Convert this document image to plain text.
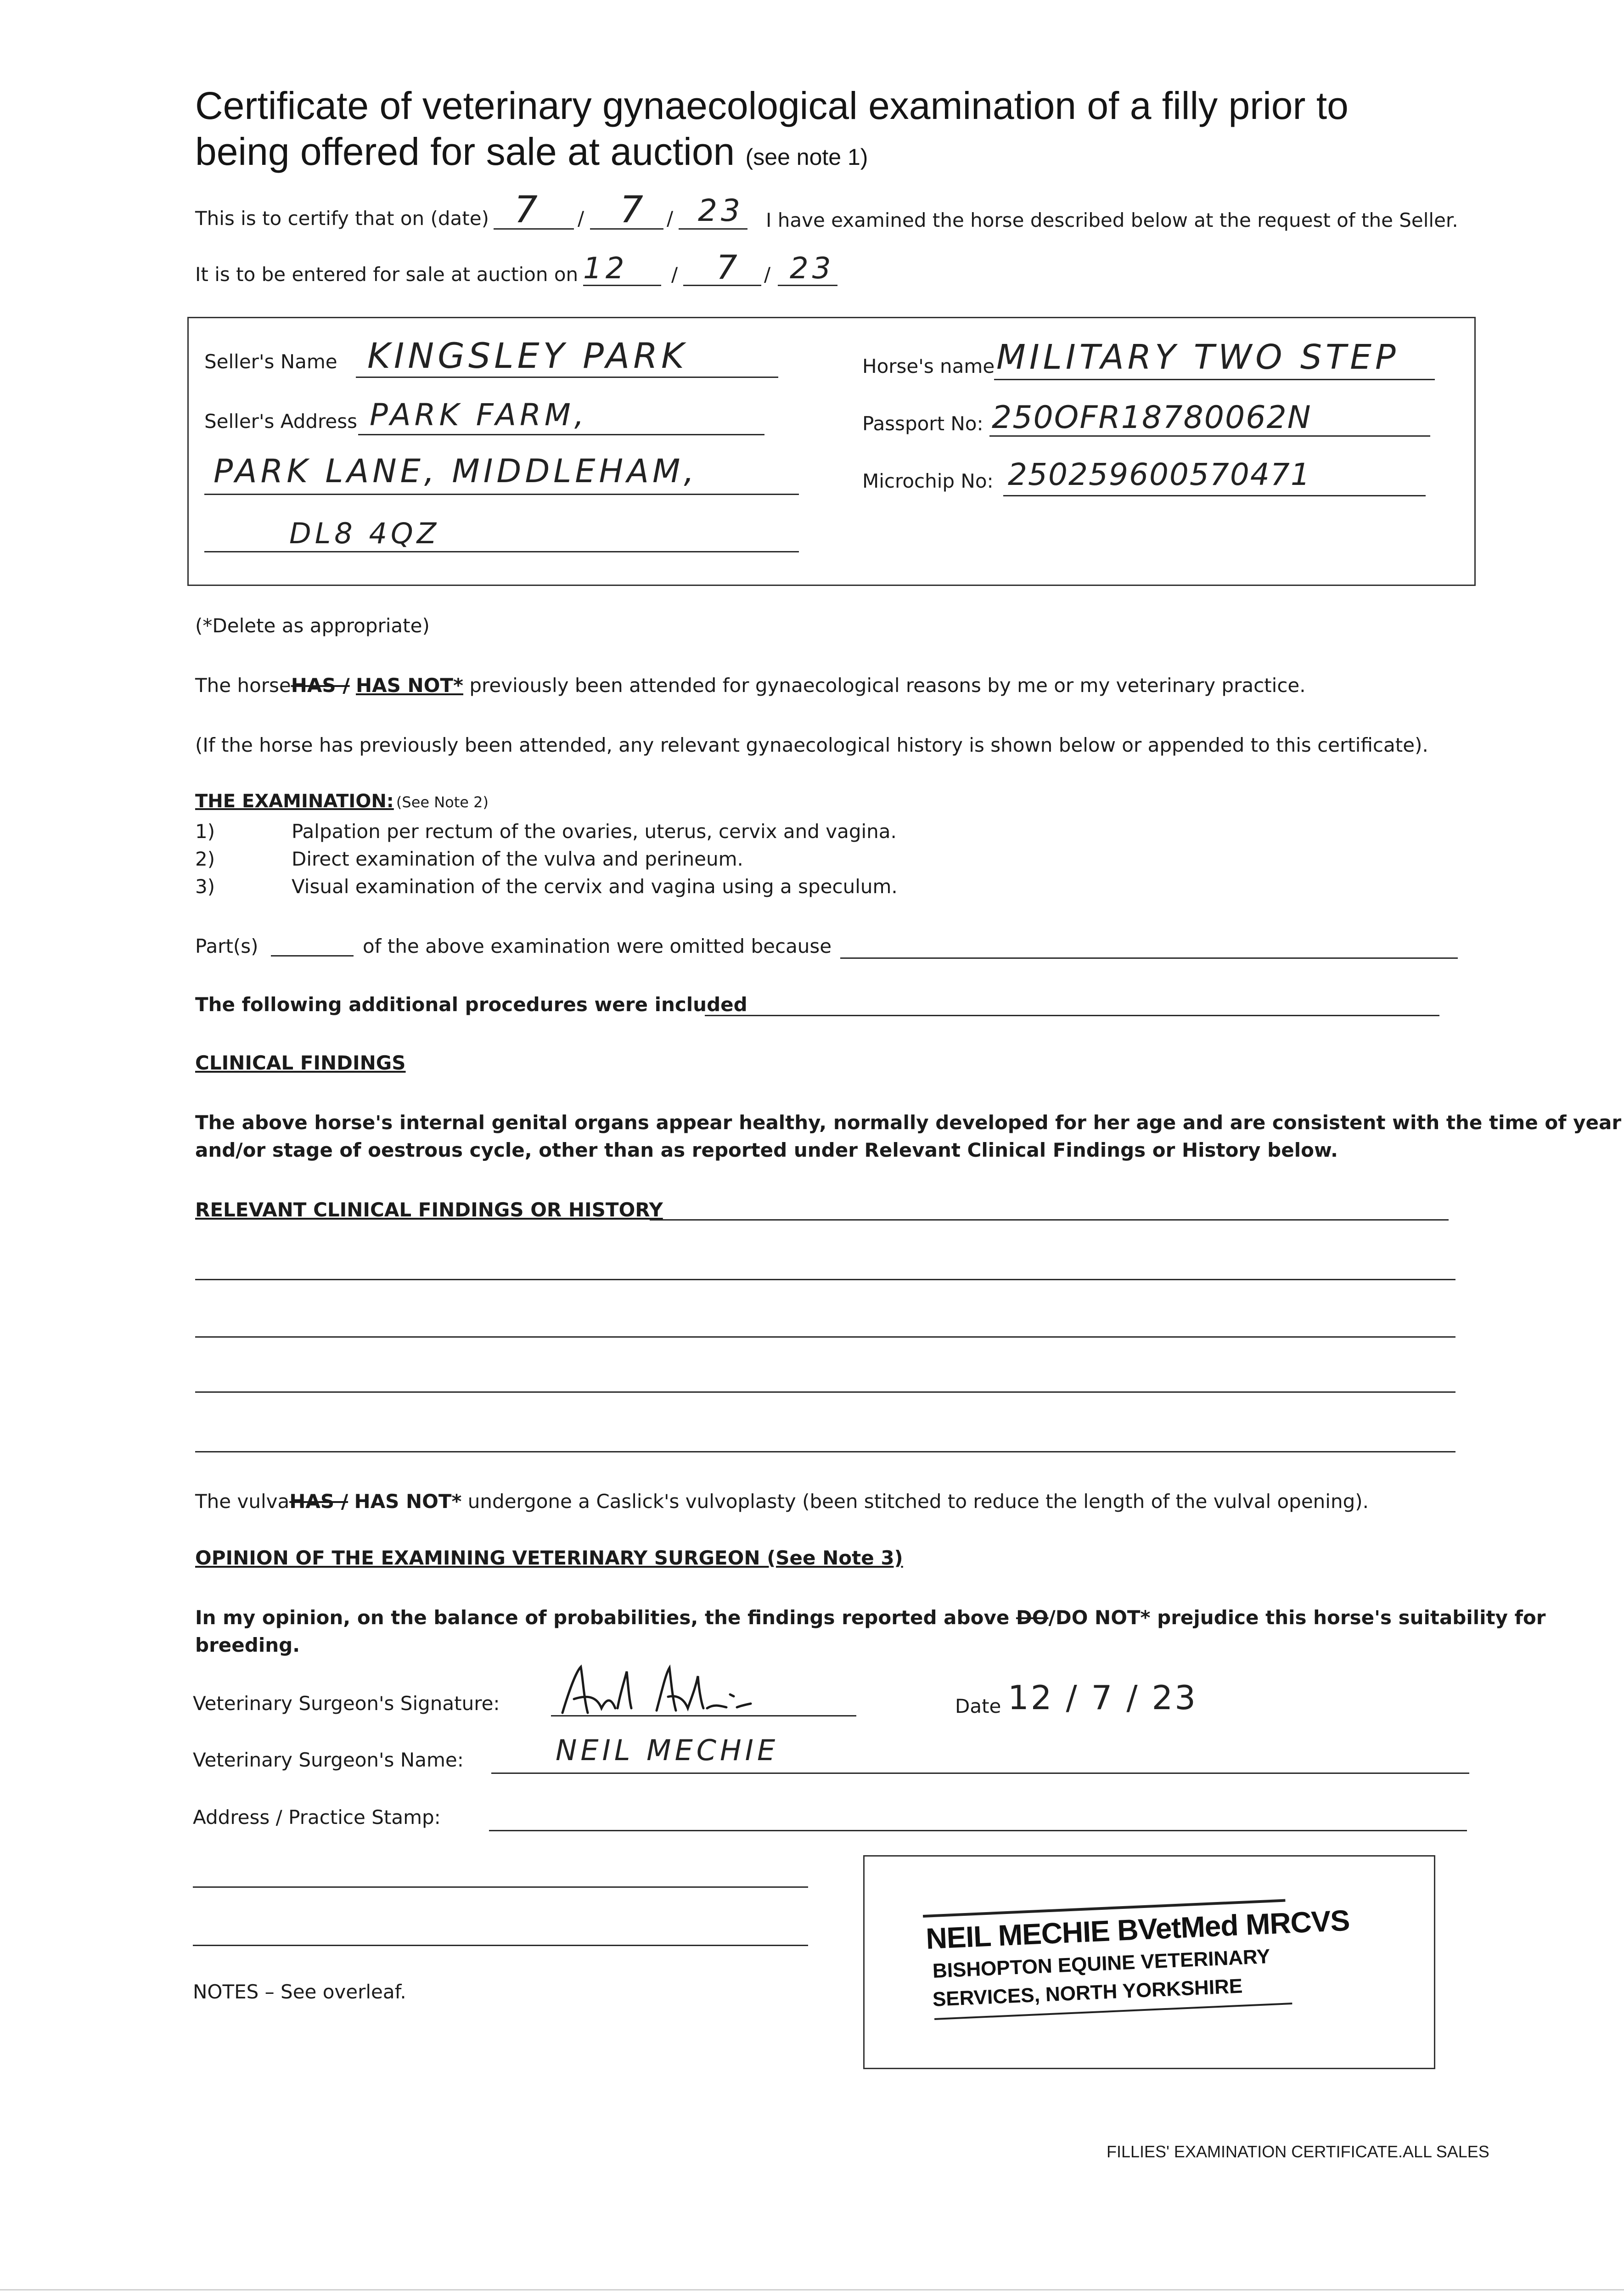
Certificate of veterinary gynaecological examination of a filly prior to
being offered for sale at auction (see note 1)
This is to certify that on (date) 7 / 7 / 23 I have examined the horse described below at the request of the Seller.
It is to be entered for sale at auction on 12 / 7 / 23
Seller's Name KINGSLEY PARK
Seller's Address PARK FARM,
PARK LANE, MIDDLEHAM,
DL8 4QZ
Horse's name MILITARY TWO STEP
Passport No: 250OFR18780062N
Microchip No: 250259600570471
(*Delete as appropriate)
The horseHAS / HAS NOT* previously been attended for gynaecological reasons by me or my veterinary practice.
(If the horse has previously been attended, any relevant gynaecological history is shown below or appended to this certificate).
THE EXAMINATION: (See Note 2)
1)	Palpation per rectum of the ovaries, uterus, cervix and vagina.
2)	Direct examination of the vulva and perineum.
3)	Visual examination of the cervix and vagina using a speculum.
Part(s)	of the above examination were omitted because
The following additional procedures were included
CLINICAL FINDINGS
The above horse's internal genital organs appear healthy, normally developed for her age and are consistent with the time of year
and/or stage of oestrous cycle, other than as reported under Relevant Clinical Findings or History below.
RELEVANT CLINICAL FINDINGS OR HISTORY
The vulvaHAS / HAS NOT* undergone a Caslick's vulvoplasty (been stitched to reduce the length of the vulval opening).
OPINION OF THE EXAMINING VETERINARY SURGEON (See Note 3)
In my opinion, on the balance of probabilities, the findings reported above DO/DO NOT* prejudice this horse's suitability for
breeding.
Veterinary Surgeon's Signature:	Date 12 / 7 / 23
Veterinary Surgeon's Name:	NEIL MECHIE
Address / Practice Stamp:
NOTES – See overleaf.
NEIL MECHIE BVetMed MRCVS
BISHOPTON EQUINE VETERINARY
SERVICES, NORTH YORKSHIRE
FILLIES' EXAMINATION CERTIFICATE.ALL SALES
